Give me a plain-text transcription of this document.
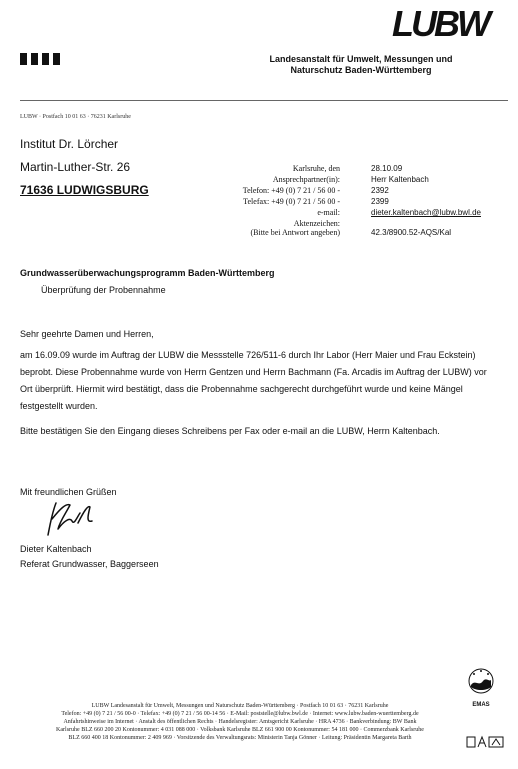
LUBW
Landesanstalt für Umwelt, Messungen und
Naturschutz Baden-Württemberg
LUBW · Postfach 10 01 63 · 76231 Karlsruhe
Institut Dr. Lörcher
Martin-Luther-Str. 26
71636 LUDWIGSBURG
Karlsruhe, den	28.10.09
Ansprechpartner(in):	Herr Kaltenbach
Telefon: +49 (0) 7 21 / 56 00 -	2392
Telefax: +49 (0) 7 21 / 56 00 -	2399
e-mail:	dieter.kaltenbach@lubw.bwl.de
Aktenzeichen:
(Bitte bei Antwort angeben)	42.3/8900.52-AQS/Kal
Grundwasserüberwachungsprogramm Baden-Württemberg
Überprüfung der Probennahme
Sehr geehrte Damen und Herren,
am 16.09.09 wurde im Auftrag der LUBW die Messstelle 726/511-6 durch Ihr Labor (Herr Maier und Frau Eckstein) beprobt. Diese Probennahme wurde von Herrn Gentzen und Herrn Bachmann (Fa. Arcadis im Auftrag der LUBW) vor Ort überprüft. Hiermit wird bestätigt, dass die Probennahme sachgerecht durchgeführt wurde und keine Mängel festgestellt wurden.
Bitte bestätigen Sie den Eingang dieses Schreibens per Fax oder e-mail an die LUBW, Herrn Kaltenbach.
Mit freundlichen Grüßen
Dieter Kaltenbach
Referat Grundwasser, Baggerseen
EMAS
LUBW Landesanstalt für Umwelt, Messungen und Naturschutz Baden-Württemberg · Postfach 10 01 63 · 76231 Karlsruhe
Telefon: +49 (0) 7 21 / 56 00-0 · Telefax: +49 (0) 7 21 / 56 00-14 56 · E-Mail: poststelle@lubw.bwl.de · Internet: www.lubw.baden-wuerttemberg.de
Anfahrtshinweise im Internet · Anstalt des öffentlichen Rechts · Handelsregister: Amtsgericht Karlsruhe · HRA 4736 · Bankverbindung: BW Bank
Karlsruhe BLZ 660 200 20 Kontonummer: 4 031 088 000 · Volksbank Karlsruhe BLZ 661 900 00 Kontonummer: 54 181 000 · Commerzbank Karlsruhe
BLZ 660 400 18 Kontonummer: 2 409 969 · Vorsitzende des Verwaltungsrats: Ministerin Tanja Gönner · Leitung: Präsidentin Margareta Barth
